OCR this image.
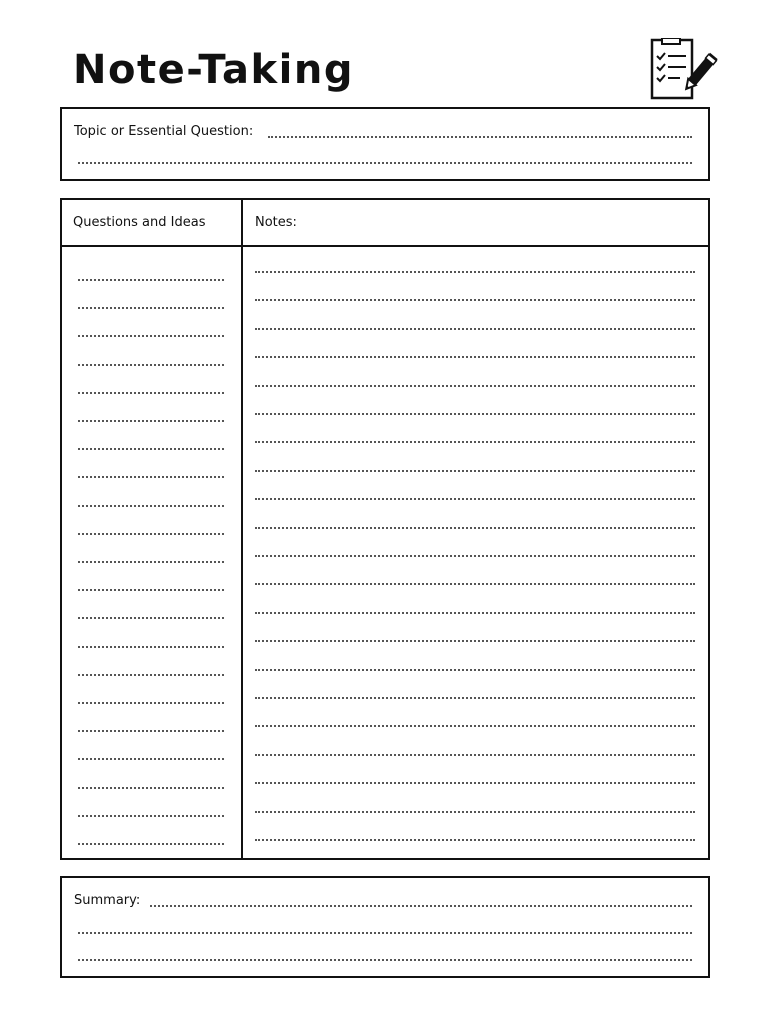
Note-Taking
Topic or Essential Question:
Questions and Ideas	Notes:
Summary:
